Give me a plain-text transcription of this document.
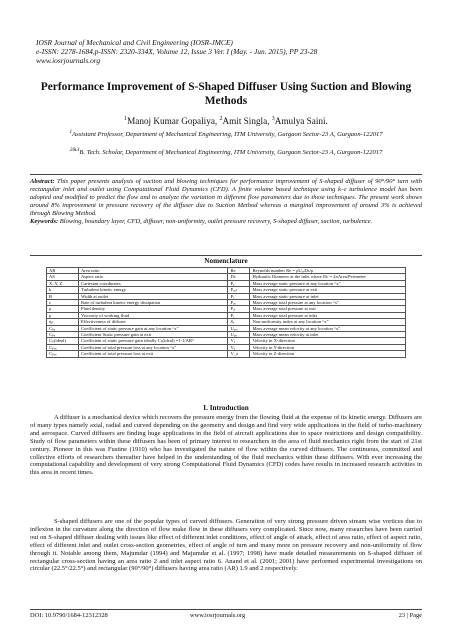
IOSR Journal of Mechanical and Civil Engineering (IOSR-JMCE)
e-ISSN: 2278-1684,p-ISSN: 2320-334X, Volume 12, Issue 3 Ver. I (May. - Jun. 2015), PP 23-28
www.iosrjournals.org
Performance Improvement of S-Shaped Diffuser Using Suction and Blowing Methods
$^1$Manoj Kumar Gopaliya, $^2$Amit Singla, $^3$Amulya Saini.
$^1$Assistant Professor, Department of Mechanical Engineering, ITM University, Gurgaon Sector-23 A, Gurgaon-122017
$^{2\&3}$B. Tech. Scholar, Department of Mechanical Engineering, ITM University, Gurgaon Sector-23 A, Gurgaon-122017
Abstract: This paper presents analysis of suction and blowing techniques for performance improvement of S-shaped diffuser of 90°/90° turn with rectangular inlet and outlet using Computational Fluid Dynamics (CFD). A finite volume based technique using k–ε turbulence model has been adopted and modified to predict the flow and to analyze the variation in different flow parameters due to these techniques. The present work shows around 8% improvement in pressure recovery of the diffuser due to Suction Method whereas a marginal improvement of around 3% is achieved through Blowing Method.
Keywords: Blowing, boundary layer, CFD, diffuser, non-uniformity, outlet pressure recovery, S-shaped diffuser, suction, turbulence.
Nomenclature
AR	Area ratio	Re	Reynolds number Re = ρUₐᵥDₕ/μ
AS	Aspect ratio	Dₕ	Hydraulic Diameter at the inlet where Dₕ = 4xArea/Perimeter
X, Y, Z	Cartesian coordinates	Pₓ	Mass average static pressure at any location “x”
k	Turbulent kinetic energy	Pₒᵤₜ	Mass average static pressure at exit
B	Width at outlet	Pᵢ	Mass average static pressure at inlet
ε	Rate of turbulent kinetic energy dissipation	Pₒₓ	Mass average total pressure at any location “x”
ρ	Fluid density	Pₒᵢ	Mass average total pressure at exit
μ	Viscosity of working fluid	Pᵢ	Mass average total pressure at inlet
ηₚ	Effectiveness of diffuser	Sₓ	Non-uniformity index at any location “x”
Cₚₓ	Coefficient of static pressure gain at any location “x”	Uₐᵥₓ	Mass average mean velocity at any location “x”
Cₚₑ	Coefficient Static pressure gain at exit	Uₐᵥᵢ	Mass average mean velocity at inlet
Cₚ(ideal)	Coefficient of static pressure gain ideally Cₚ(ideal) =1-1/AR²	Vₓ	Velocity in X-direction
Cₚₒₓ	Coefficient of total pressure loss at any location “x”	Vᵧ	Velocity in Y-direction
Cₚₒₑ	Coefficient of total pressure loss at exit	V_z	Velocity in Z-direction
I. Introduction

A diffuser is a mechanical device which recovers the pressure energy from the flowing fluid at the expense of its kinetic energy. Diffusers are of many types namely axial, radial and curved depending on the geometry and design and find very wide applications in the field of turbo-machinery and aerospace. Curved diffusers are finding huge applications in the field of aircraft applications due to space restrictions and design compatibility. Study of flow parameters within these diffusers has been of primary interest to researchers in the area of fluid mechanics right from the start of 21st century. Pioneer in this was Fustine (1910) who has investigated the nature of flow within the curved diffusers. The continuous, committed and collective efforts of researchers thereafter have helped in the understanding of the fluid mechanics within these diffusers. With ever increasing the computational capability and development of very strong Computational Fluid Dynamics (CFD) codes have results in increased research activities in this area in recent times.

S-shaped diffusers are one of the popular types of curved diffusers. Generation of very strong pressure driven stream wise vortices due to inflexion in the curvature along the direction of flow make flow in these diffusers very complicated. Since now, many researches have been carried out on S-shaped diffuser dealing with issues like effect of different inlet conditions, effect of angle of attack, effect of area ratio, effect of aspect ratio, effect of different inlet and outlet cross-section geometries, effect of angle of turn and many more on pressure recovery and non-uniformity of flow through it. Notable among them, Majumdar (1994) and Majumdar et al. (1997; 1998) have made detailed measurements on S-shaped diffuser of rectangular cross-section having an area ratio 2 and inlet aspect ratio 6. Anand et al. (2001; 2001) have performed experimental investigations on circular (22.5°/22.5°) and rectangular (90°/90°) diffusers having area ratio (AR) 1.9 and 2 respectively.

DOI: 10.9790/1684-12312328	www.iosrjournals.org	23 | Page
